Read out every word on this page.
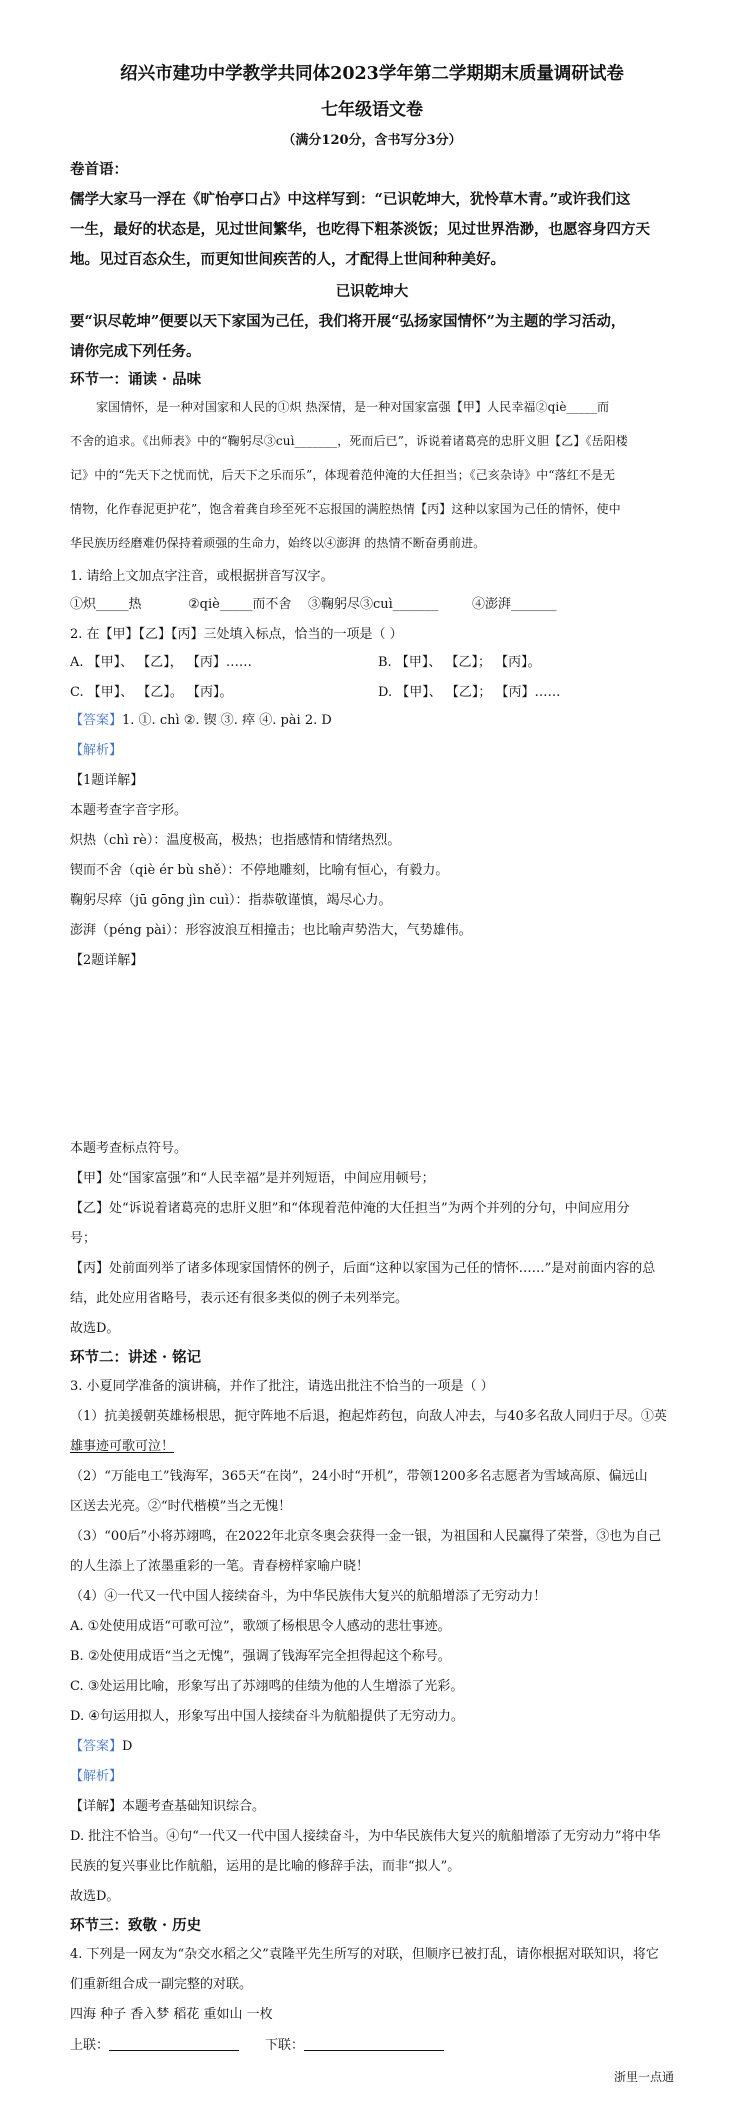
绍兴市建功中学教学共同体2023学年第二学期期末质量调研试卷
七年级语文卷
（满分120分，含书写分3分）
卷首语：
儒学大家马一浮在《旷怡亭口占》中这样写到：“已识乾坤大，犹怜草木青。”或许我们这
一生，最好的状态是，见过世间繁华，也吃得下粗茶淡饭；见过世界浩渺，也愿容身四方天
地。见过百态众生，而更知世间疾苦的人，才配得上世间种种美好。
已识乾坤大
要“识尽乾坤”便要以天下家国为己任，我们将开展“弘扬家国情怀”为主题的学习活动，
请你完成下列任务。
环节一：诵读 · 品味
家国情怀，是一种对国家和人民的①炽 热深情，是一种对国家富强【甲】人民幸福②qiè_____而
不舍的追求。《出师表》中的“鞠躬尽③cuì_______，死而后已”，诉说着诸葛亮的忠肝义胆【乙】《岳阳楼
记》中的“先天下之忧而忧，后天下之乐而乐”，体现着范仲淹的大任担当；《己亥杂诗》中“落红不是无
情物，化作春泥更护花”，饱含着龚自珍至死不忘报国的满腔热情【丙】这种以家国为己任的情怀，使中
华民族历经磨难仍保持着顽强的生命力，始终以④澎湃 的热情不断奋勇前进。
1. 请给上文加点字注音，或根据拼音写汉字。
①炽_____热	②qiè_____而不舍 ③鞠躬尽③cuì_______	④澎湃_______
2. 在【甲】【乙】【丙】三处填入标点，恰当的一项是（ ）
A. 【甲】、 【乙】， 【丙】……	B. 【甲】、 【乙】； 【丙】。
C. 【甲】、 【乙】。 【丙】。	D. 【甲】、 【乙】； 【丙】……
【答案】1. ①. chì ②. 锲 ③. 瘁 ④. pài 2. D
【解析】
【1题详解】
本题考查字音字形。
炽热（chì rè）：温度极高，极热；也指感情和情绪热烈。
锲而不舍（qiè ér bù shě）：不停地雕刻，比喻有恒心，有毅力。
鞠躬尽瘁（jū gōng jìn cuì）：指恭敬谨慎，竭尽心力。
澎湃（péng pài）：形容波浪互相撞击；也比喻声势浩大，气势雄伟。
【2题详解】
本题考查标点符号。
【甲】处“国家富强”和“人民幸福”是并列短语，中间应用顿号；
【乙】处“诉说着诸葛亮的忠肝义胆”和“体现着范仲淹的大任担当”为两个并列的分句，中间应用分
号；
【丙】处前面列举了诸多体现家国情怀的例子，后面“这种以家国为己任的情怀……”是对前面内容的总
结，此处应用省略号，表示还有很多类似的例子未列举完。
故选D。
环节二：讲述 · 铭记
3. 小夏同学准备的演讲稿，并作了批注，请选出批注不恰当的一项是（ ）
（1）抗美援朝英雄杨根思，扼守阵地不后退，抱起炸药包，向敌人冲去，与40多名敌人同归于尽。①英
雄事迹可歌可泣！
（2）“万能电工”钱海军，365天“在岗”，24小时“开机”，带领1200多名志愿者为雪域高原、偏远山
区送去光亮。②“时代楷模”当之无愧！
（3）“00后”小将苏翊鸣，在2022年北京冬奥会获得一金一银，为祖国和人民赢得了荣誉，③也为自己
的人生添上了浓墨重彩的一笔。青春榜样家喻户晓！
（4）④一代又一代中国人接续奋斗，为中华民族伟大复兴的航船增添了无穷动力！
A. ①处使用成语“可歌可泣”，歌颂了杨根思令人感动的悲壮事迹。
B. ②处使用成语“当之无愧”，强调了钱海军完全担得起这个称号。
C. ③处运用比喻，形象写出了苏翊鸣的佳绩为他的人生增添了光彩。
D. ④句运用拟人，形象写出中国人接续奋斗为航船提供了无穷动力。
【答案】D
【解析】
【详解】本题考查基础知识综合。
D. 批注不恰当。④句“一代又一代中国人接续奋斗，为中华民族伟大复兴的航船增添了无穷动力”将中华
民族的复兴事业比作航船，运用的是比喻的修辞手法，而非“拟人”。
故选D。
环节三：致敬 · 历史
4. 下列是一网友为“杂交水稻之父”袁隆平先生所写的对联，但顺序已被打乱，请你根据对联知识，将它
们重新组合成一副完整的对联。
四海 种子 香入梦 稻花 重如山 一枚
上联：	下联：
浙里一点通
